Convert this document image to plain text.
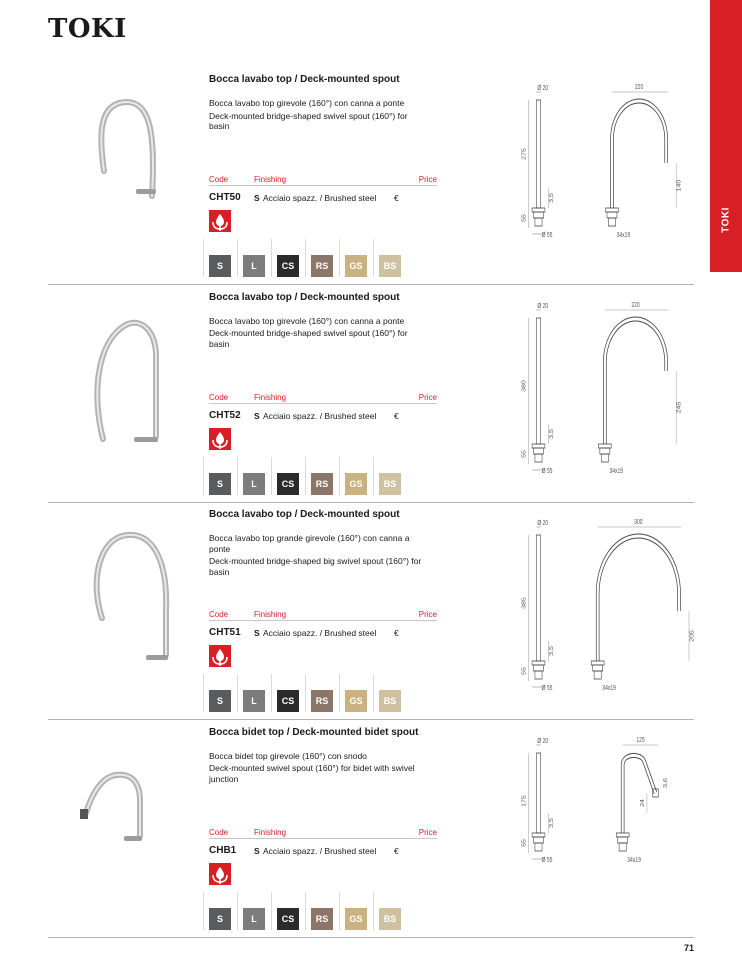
TOKI
TOKI
Bocca lavabo top / Deck-mounted spout

Bocca lavabo top girevole (160°) con canna a ponte

Deck-mounted bridge-shaped swivel spout (160°) for basin

Code	Finishing	Price
CHT50 S Acciaio spazz. / Brushed steel €
S	L	CS RS GS BS
Ø 20
275
3,5
55
Ø 55
220
140
34x19
Bocca lavabo top / Deck-mounted spout

Bocca lavabo top girevole (160°) con canna a ponte

Deck-mounted bridge-shaped swivel spout (160°) for basin

Code	Finishing	Price
CHT52 S Acciaio spazz. / Brushed steel €
S	L	CS RS GS BS
Ø 20
380
3,5
55
Ø 55
220
245
34x19
Bocca lavabo top / Deck-mounted spout

Bocca lavabo top grande girevole (160°) con canna a ponte

Deck-mounted bridge-shaped big swivel spout (160°) for basin

Code	Finishing	Price
CHT51 S Acciaio spazz. / Brushed steel €
S	L	CS RS GS BS
Ø 20
385
3,5
55
Ø 55
300
205
34x19
Bocca bidet top / Deck-mounted bidet spout

Bocca bidet top girevole (160°) con snodo

Deck-mounted swivel spout (160°) for bidet with swivel junction

Code	Finishing	Price
CHB1 S Acciaio spazz. / Brushed steel €
S	L	CS RS GS BS
Ø 20
175
3,5
55
Ø 55
125
24
3,6
34x19
71
